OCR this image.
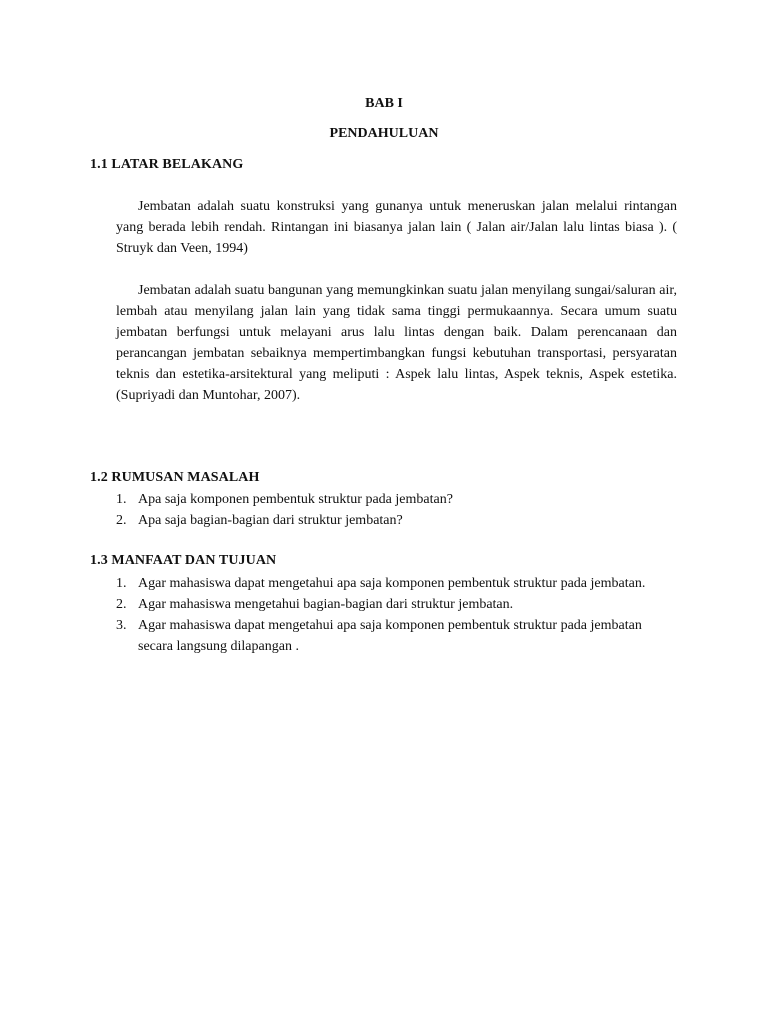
BAB I
PENDAHULUAN
1.1 LATAR BELAKANG

Jembatan adalah suatu konstruksi yang gunanya untuk meneruskan jalan melalui rintangan yang berada lebih rendah. Rintangan ini biasanya jalan lain ( Jalan air/Jalan lalu lintas biasa ). ( Struyk dan Veen, 1994)

Jembatan adalah suatu bangunan yang memungkinkan suatu jalan menyilang sungai/saluran air, lembah atau menyilang jalan lain yang tidak sama tinggi permukaannya. Secara umum suatu jembatan berfungsi untuk melayani arus lalu lintas dengan baik. Dalam perencanaan dan perancangan jembatan sebaiknya mempertimbangkan fungsi kebutuhan transportasi, persyaratan teknis dan estetika-arsitektural yang meliputi : Aspek lalu lintas, Aspek teknis, Aspek estetika. (Supriyadi dan Muntohar, 2007).

1.2 RUMUSAN MASALAH
1. Apa saja komponen pembentuk struktur pada jembatan?
2. Apa saja bagian-bagian dari struktur jembatan?
1.3 MANFAAT DAN TUJUAN
1. Agar mahasiswa dapat mengetahui apa saja komponen pembentuk struktur pada jembatan.
2. Agar mahasiswa mengetahui bagian-bagian dari struktur jembatan.
3. Agar mahasiswa dapat mengetahui apa saja komponen pembentuk struktur pada jembatan secara langsung dilapangan .
